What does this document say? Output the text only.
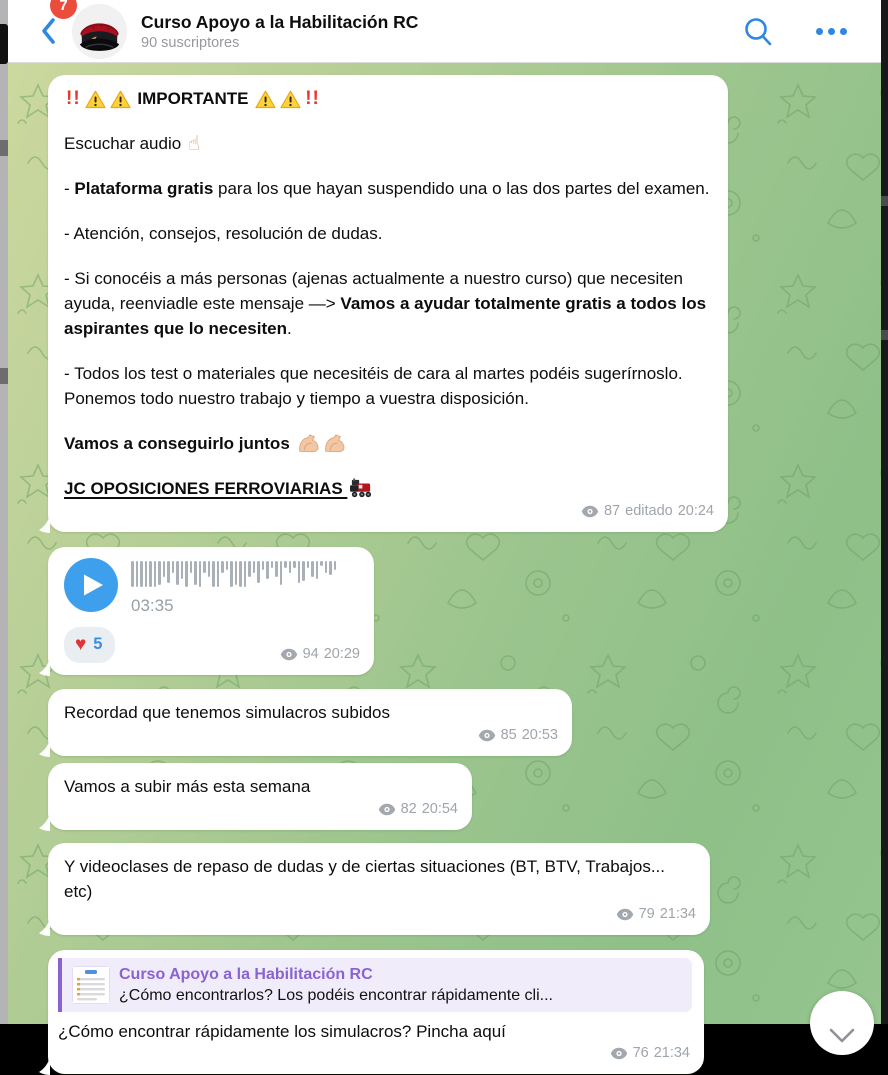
7
Curso Apoyo a la Habilitación RC
90 suscriptores

!!	IMPORTANTE	!!

Escuchar audio ☝

- Plataforma gratis para los que hayan suspendido una o las dos partes del examen.

- Atención, consejos, resolución de dudas.

- Si conocéis a más personas (ajenas actualmente a nuestro curso) que necesiten ayuda, reenviadle este mensaje —> Vamos a ayudar totalmente gratis a todos los aspirantes que lo necesiten.

- Todos los test o materiales que necesitéis de cara al martes podéis sugerírnoslo. Ponemos todo nuestro trabajo y tiempo a vuestra disposición.

Vamos a conseguirlo juntos

JC OPOSICIONES FERROVIARIAS

87 editado 20:24
03:35
♥ 5
94 20:29

Recordad que tenemos simulacros subidos

85 20:53

Vamos a subir más esta semana

82 20:54

Y videoclases de repaso de dudas y de ciertas situaciones (BT, BTV, Trabajos... etc)

79 21:34
Curso Apoyo a la Habilitación RC
¿Cómo encontrarlos? Los podéis encontrar rápidamente cli...

¿Cómo encontrar rápidamente los simulacros? Pincha aquí

76 21:34
